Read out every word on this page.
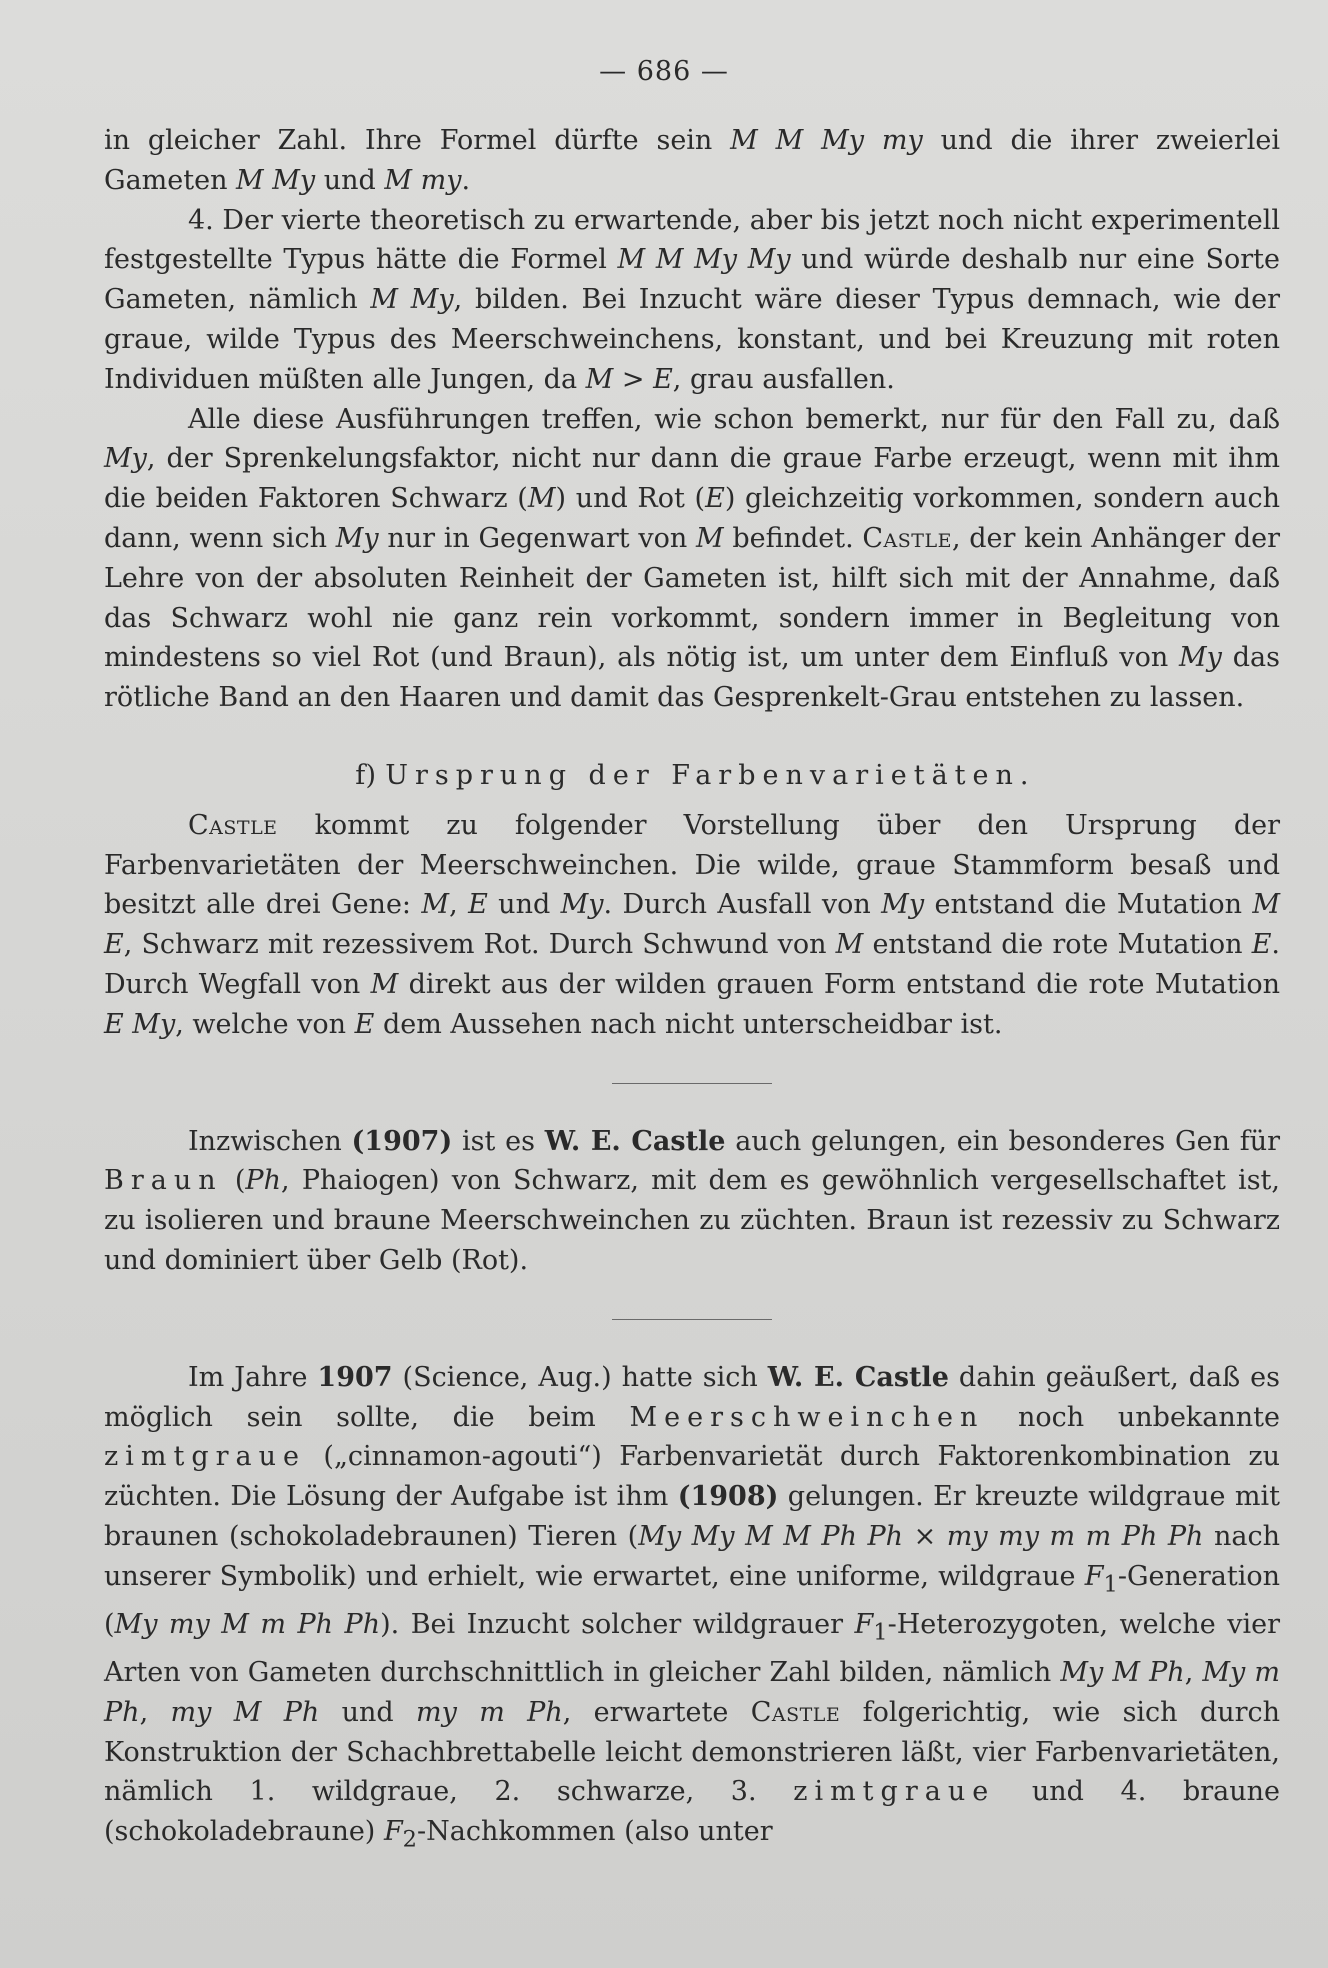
— 686 —

in gleicher Zahl. Ihre Formel dürfte sein M M My my und die ihrer zweierlei Gameten M My und M my.

4. Der vierte theoretisch zu erwartende, aber bis jetzt noch nicht experimentell festgestellte Typus hätte die Formel M M My My und würde deshalb nur eine Sorte Gameten, nämlich M My, bilden. Bei Inzucht wäre dieser Typus demnach, wie der graue, wilde Typus des Meerschweinchens, konstant, und bei Kreuzung mit roten Individuen müßten alle Jungen, da M > E, grau ausfallen.

Alle diese Ausführungen treffen, wie schon bemerkt, nur für den Fall zu, daß My, der Sprenkelungsfaktor, nicht nur dann die graue Farbe erzeugt, wenn mit ihm die beiden Faktoren Schwarz (M) und Rot (E) gleichzeitig vorkommen, sondern auch dann, wenn sich My nur in Gegenwart von M befindet. Castle, der kein Anhänger der Lehre von der absoluten Reinheit der Gameten ist, hilft sich mit der Annahme, daß das Schwarz wohl nie ganz rein vorkommt, sondern immer in Begleitung von mindestens so viel Rot (und Braun), als nötig ist, um unter dem Einfluß von My das rötliche Band an den Haaren und damit das Gesprenkelt-Grau entstehen zu lassen.

f) Ursprung der Farbenvarietäten.

Castle kommt zu folgender Vorstellung über den Ursprung der Farbenvarietäten der Meerschweinchen. Die wilde, graue Stammform besaß und besitzt alle drei Gene: M, E und My. Durch Ausfall von My entstand die Mutation M E, Schwarz mit rezessivem Rot. Durch Schwund von M entstand die rote Mutation E. Durch Wegfall von M direkt aus der wilden grauen Form entstand die rote Mutation E My, welche von E dem Aussehen nach nicht unterscheidbar ist.

Inzwischen (1907) ist es W. E. Castle auch gelungen, ein besonderes Gen für Braun (Ph, Phaiogen) von Schwarz, mit dem es gewöhnlich vergesellschaftet ist, zu isolieren und braune Meerschweinchen zu züchten. Braun ist rezessiv zu Schwarz und dominiert über Gelb (Rot).

Im Jahre 1907 (Science, Aug.) hatte sich W. E. Castle dahin geäußert, daß es möglich sein sollte, die beim Meerschweinchen noch unbekannte zimtgraue („cinnamon-agouti“) Farbenvarietät durch Faktorenkombination zu züchten. Die Lösung der Aufgabe ist ihm (1908) gelungen. Er kreuzte wildgraue mit braunen (schokoladebraunen) Tieren (My My M M Ph Ph × my my m m Ph Ph nach unserer Symbolik) und erhielt, wie erwartet, eine uniforme, wildgraue $F_1$-Generation (My my M m Ph Ph). Bei Inzucht solcher wildgrauer $F_1$-Heterozygoten, welche vier Arten von Gameten durchschnittlich in gleicher Zahl bilden, nämlich My M Ph, My m Ph, my M Ph und my m Ph, erwartete Castle folgerichtig, wie sich durch Konstruktion der Schachbrettabelle leicht demonstrieren läßt, vier Farbenvarietäten, nämlich 1. wildgraue, 2. schwarze, 3. zimtgraue und 4. braune (schokoladebraune) $F_2$-Nachkommen (also unter
